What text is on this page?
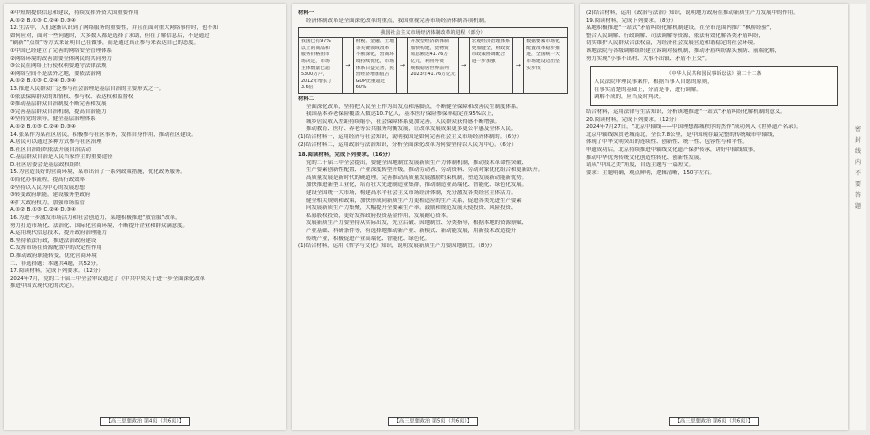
④中短期提供信息和建议，持续发挥外资大国重要作用
A.①② B.①③ C.②④ D.③④
12.生活中，人们逐渐认识到了网络服务的重要性，并且在面对重大网络事件时，也不知
如何应对，面对一些问题时，大多数人都是选择了求助，但在了解信息后，不是通过
“刷新”“点赞”等方式来证明自己在做事，而是通过真正参与来表达自己的态度。
①中国已经建立了完善的网络安全管理体系
②网络环境的改善需要全体网民的共同努力
③公民在网络上行使权利要遵守法律法规
④网络空间不是法外之地，要依法治网
A.①② B.①③ C.②④ D.③④
13.推进人民群众广泛参与社会治理是基层自治的主要形式之一。
①依法保障群众的知情权、参与权、表达权和监督权
②推动基层群众自治制度不断完善和发展
③完善基层群众自治机制，提高自治能力
④坚持党的领导，健全基层治理体系
A.①② B.①③ C.②④ D.③④
14.张某作为某社区居民，积极参与社区事务，发挥自身作用，推动社区建设。
A.居民可以通过多种方式参与社区治理
B.社区自治组织依法开展自治活动
C.基层群众自治是人民当家作主的重要途径
D.社区居委会是基层政权组织
15.为营造良好的营商环境，某市出台了一系列政策措施，优化政务服务。
①简化办事流程，提高行政效率
②坚持以人民为中心的发展思想
③转变政府职能，建设服务型政府
④扩大政府权力，加强市场监管
A.①② B.①③ C.②④ D.③④
16.为进一步激发市场活力和社会创造力，某地积极推进“放管服”改革，
努力打造市场化、法治化、国际化营商环境，不断提升企业和群众满意度。
A.运用现代信息技术，提升政府治理能力
B.坚持依法行政，推进法治政府建设
C.发挥市场在资源配置中的决定性作用
D.推动政府职能转变，优化营商环境
二、非选择题：本题共4题，共52分。
17.阅读材料，完成下列要求。（12分）
2024年7月，党的二十届三中全会审议通过了《中共中央关于进一步全面深化改革
推进中国式现代化的决定》。
【高三思想政治 第4页（共6页）】
材料一
经济体制改革是全面深化改革的重点，我国重视完善市场经济体制各项机制。
我国社会主义市场经济体制改革的进程（部分）
我国已有97%
以上的商品和
服务价格由市
场决定，市场
主体数量已超
5300万户，
2012年增长了
3.6倍
→
财税、金融、土地
等关键领域改革
不断深化，营商环
境持续优化，市场
体系日益完善，民
营经济增加值占
GDP比重超过
60%
→
开放型经济新体制
加快构建，货物贸
易总额达41.76万
亿元，利用外资
规模稳居世界前列
2023年41.76万亿元
→
宏观经济治理体系
更加健全，财政货
币政策协调配合
进一步加强
→
数据要素市场化
配置改革稳步推
进，全国统一大
市场建设迈出坚
实步伐
材料二
全面深化改革，坚持把人民至上作为出发点和落脚点，不断健全保障和改善民生制度体系。
我国基本养老保险覆盖人数达10.7亿人，基本医疗保险参保率稳定在95%以上，
城乡居民收入差距持续缩小，社会保障体系更加完善，人民群众获得感不断增强。
推动教育、医疗、养老等公共服务均衡发展，让改革发展成果更多更公平惠及全体人民。
(1)结合材料一，运用经济与社会知识，说明我国是如何完善社会主义市场经济体制的。（6分）
(2)结合材料二，运用政治与法治知识，分析全面深化改革为何要坚持以人民为中心。（6分）
18.阅读材料，完成下列要求。（16分）
党的二十届三中全会提出，要健全因地制宜发展新质生产力体制机制，推动技术革命性突破、
生产要素创新性配置、产业深度转型升级，推动劳动者、劳动资料、劳动对象优化组合和更新跃升。
高质量发展是新时代的硬道理。完善推动高质量发展激励约束机制，塑造发展新动能新优势。
加快推进新型工业化，培育壮大先进制造业集群，推动制造业高端化、智能化、绿色化发展。
建设全国统一大市场，构建高水平社会主义市场经济体制，充分激发各类经营主体活力。
健全相关规则和政策，加快形成同新质生产力更相适应的生产关系，促进各类先进生产要素
向发展新质生产力集聚，大幅提升全要素生产率。鼓励和规范发展天使投资、风险投资、
私募股权投资，更好发挥政府投资基金作用，发展耐心资本。
发展新质生产力要坚持从实际出发，先立后破、因地制宜、分类指导，根据本地的资源禀赋、
产业基础、科研条件等，有选择地推动新产业、新模式、新动能发展，用新技术改造提升
传统产业，积极促进产业高端化、智能化、绿色化。
(1)结合材料，运用《哲学与文化》知识，说明发展新质生产力要因地制宜。（8分）
【高三思想政治 第5页（共6页）】
(2)结合材料，运用《政治与法治》知识，说明地方政府在推动新质生产力发展中的作用。
19.阅读材料，完成下列要求。（8分）
某地积极推进“一站式”矛盾纠纷化解机制建设，在全市范围内推广“枫桥经验”，
整合人民调解、行政调解、司法调解等资源，依法有效化解各类矛盾纠纷，
切实维护人民群众合法权益，为经济社会发展营造和谐稳定的社会环境。
该地法院与各级调解组织建立诉调对接机制，推动矛盾纠纷源头预防、前端化解，
努力实现“小事不出村、大事不出镇、矛盾不上交”。
《中华人民共和国民事诉讼法》第二十二条
人民法院审理民事案件，根据当事人自愿的原则，
在事实清楚的基础上，分清是非，进行调解。
调解不成的，应当及时判决。
结合材料，运用法律与生活知识，分析该地推进“一站式”矛盾纠纷化解机制的意义。
20.阅读材料，完成下列要求。（12分）
2024年7月27日，“北京中轴线——中国理想都城秩序的杰作”成功列入《世界遗产名录》。
北京中轴线纵贯老城南北，全长7.8公里，是中国现存最完整的传统城市中轴线，
体现了中华文明突出的连续性、创新性、统一性、包容性与和平性。
申遗成功后，北京持续推进中轴线文化遗产保护传承，讲好中轴线故事，
推动中华优秀传统文化创造性转化、创新性发展。
请从“中国之美”角度，自选主题写一篇短文。
要求：主题明确，观点鲜明，逻辑清晰，150字左右。
【高三思想政治 第6页（共6页）】
密 封 线 内 不 要 答 题
